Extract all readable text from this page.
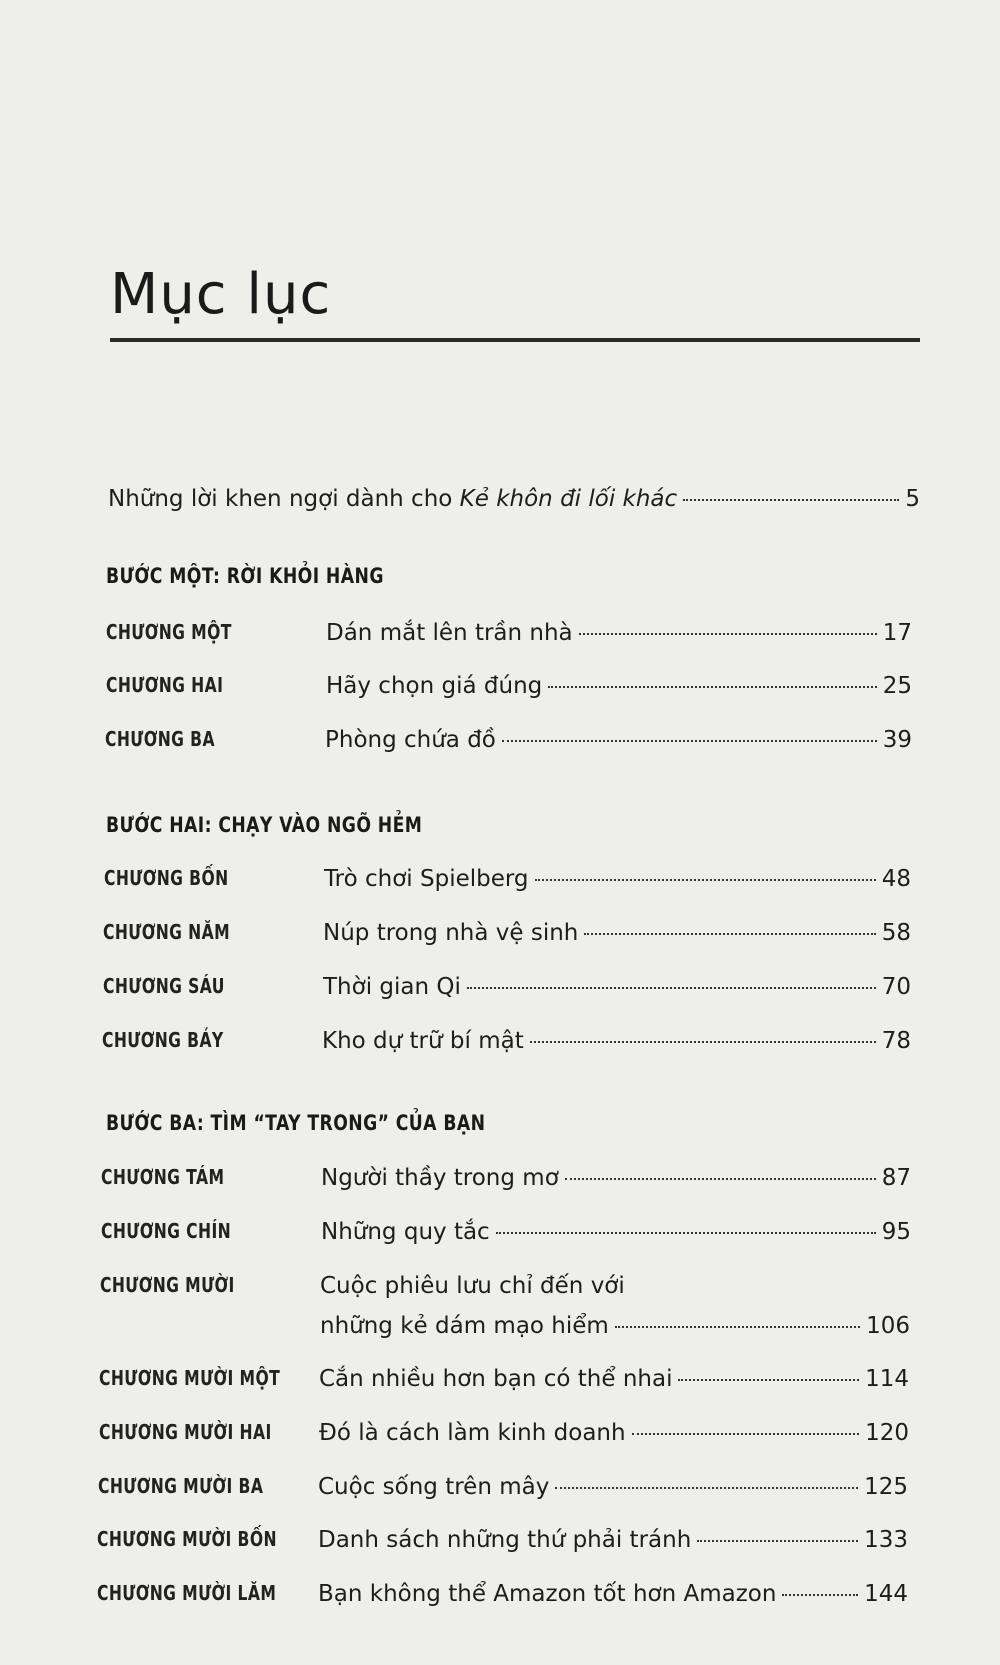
Mục lục
Những lời khen ngợi dành cho Kẻ khôn đi lối khác	5
BƯỚC MỘT: RỜI KHỎI HÀNG
BƯỚC HAI: CHẠY VÀO NGÕ HẺM
BƯỚC BA: TÌM “TAY TRONG” CỦA BẠN
CHƯƠNG MỘT	Dán mắt lên trần nhà	17
CHƯƠNG HAI	Hãy chọn giá đúng	25
CHƯƠNG BA	Phòng chứa đồ	39
CHƯƠNG BỐN	Trò chơi Spielberg	48
CHƯƠNG NĂM	Núp trong nhà vệ sinh	58
CHƯƠNG SÁU	Thời gian Qi	70
CHƯƠNG BẢY	Kho dự trữ bí mật	78
CHƯƠNG TÁM	Người thầy trong mơ	87
CHƯƠNG CHÍN	Những quy tắc	95
CHƯƠNG MƯỜI	Cuộc phiêu lưu chỉ đến với
những kẻ dám mạo hiểm	106
CHƯƠNG MƯỜI MỘT Cắn nhiều hơn bạn có thể nhai	114
CHƯƠNG MƯỜI HAI Đó là cách làm kinh doanh	120
CHƯƠNG MƯỜI BA Cuộc sống trên mây	125
CHƯƠNG MƯỜI BỐN Danh sách những thứ phải tránh	133
CHƯƠNG MƯỜI LĂM Bạn không thể Amazon tốt hơn Amazon	144
